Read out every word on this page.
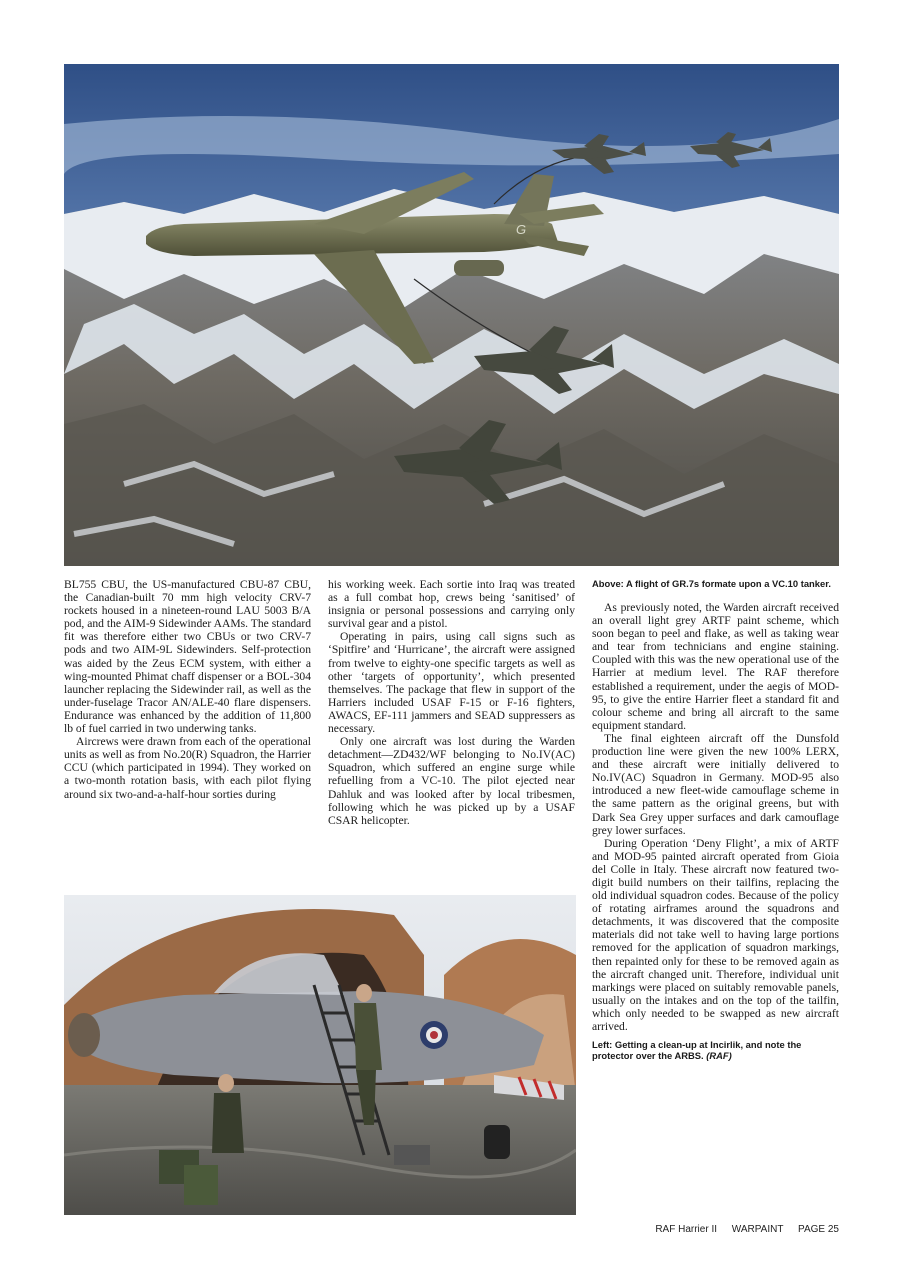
G

BL755 CBU, the US-manufactured CBU-87 CBU, the Canadian-built 70 mm high velocity CRV-7 rockets housed in a nineteen-round LAU 5003 B/A pod, and the AIM-9 Sidewinder AAMs. The standard fit was therefore either two CBUs or two CRV-7 pods and two AIM-9L Sidewinders. Self-protection was aided by the Zeus ECM system, with either a wing-mounted Phimat chaff dispenser or a BOL-304 launcher replacing the Sidewinder rail, as well as the under-fuselage Tracor AN/ALE-40 flare dispensers. Endurance was enhanced by the addition of 11,800 lb of fuel carried in two underwing tanks.

Aircrews were drawn from each of the operational units as well as from No.20(R) Squadron, the Harrier CCU (which participated in 1994). They worked on a two-month rotation basis, with each pilot flying around six two-and-a-half-hour sorties during

his working week. Each sortie into Iraq was treated as a full combat hop, crews being ‘sanitised’ of insignia or personal possessions and carrying only survival gear and a pistol.

Operating in pairs, using call signs such as ‘Spitfire’ and ‘Hurricane’, the aircraft were assigned from twelve to eighty-one specific targets as well as other ‘targets of opportunity’, which presented themselves. The package that flew in support of the Harriers included USAF F-15 or F-16 fighters, AWACS, EF-111 jammers and SEAD suppressers as necessary.

Only one aircraft was lost during the Warden detachment—ZD432/WF belonging to No.IV(AC) Squadron, which suffered an engine surge while refuelling from a VC-10. The pilot ejected near Dahluk and was looked after by local tribesmen, following which he was picked up by a USAF CSAR helicopter.

Above: A flight of GR.7s formate upon a VC.10 tanker.

As previously noted, the Warden aircraft received an overall light grey ARTF paint scheme, which soon began to peel and flake, as well as taking wear and tear from technicians and engine staining. Coupled with this was the new operational use of the Harrier at medium level. The RAF therefore established a requirement, under the aegis of MOD-95, to give the entire Harrier fleet a standard fit and colour scheme and bring all aircraft to the same equipment standard.

The final eighteen aircraft off the Dunsfold production line were given the new 100% LERX, and these aircraft were initially delivered to No.IV(AC) Squadron in Germany. MOD-95 also introduced a new fleet-wide camouflage scheme in the same pattern as the original greens, but with Dark Sea Grey upper surfaces and dark camouflage grey lower surfaces.

During Operation ‘Deny Flight’, a mix of ARTF and MOD-95 painted aircraft operated from Gioia del Colle in Italy. These aircraft now featured two-digit build numbers on their tailfins, replacing the old individual squadron codes. Because of the policy of rotating airframes around the squadrons and detachments, it was discovered that the composite materials did not take well to having large portions removed for the application of squadron markings, then repainted only for these to be removed again as the aircraft changed unit. Therefore, individual unit markings were placed on suitably removable panels, usually on the intakes and on the top of the tailfin, which only needed to be swapped as new aircraft arrived.

Left: Getting a clean-up at Incirlik, and note the protector over the ARBS. (RAF)

RAF Harrier II WARPAINT PAGE 25
